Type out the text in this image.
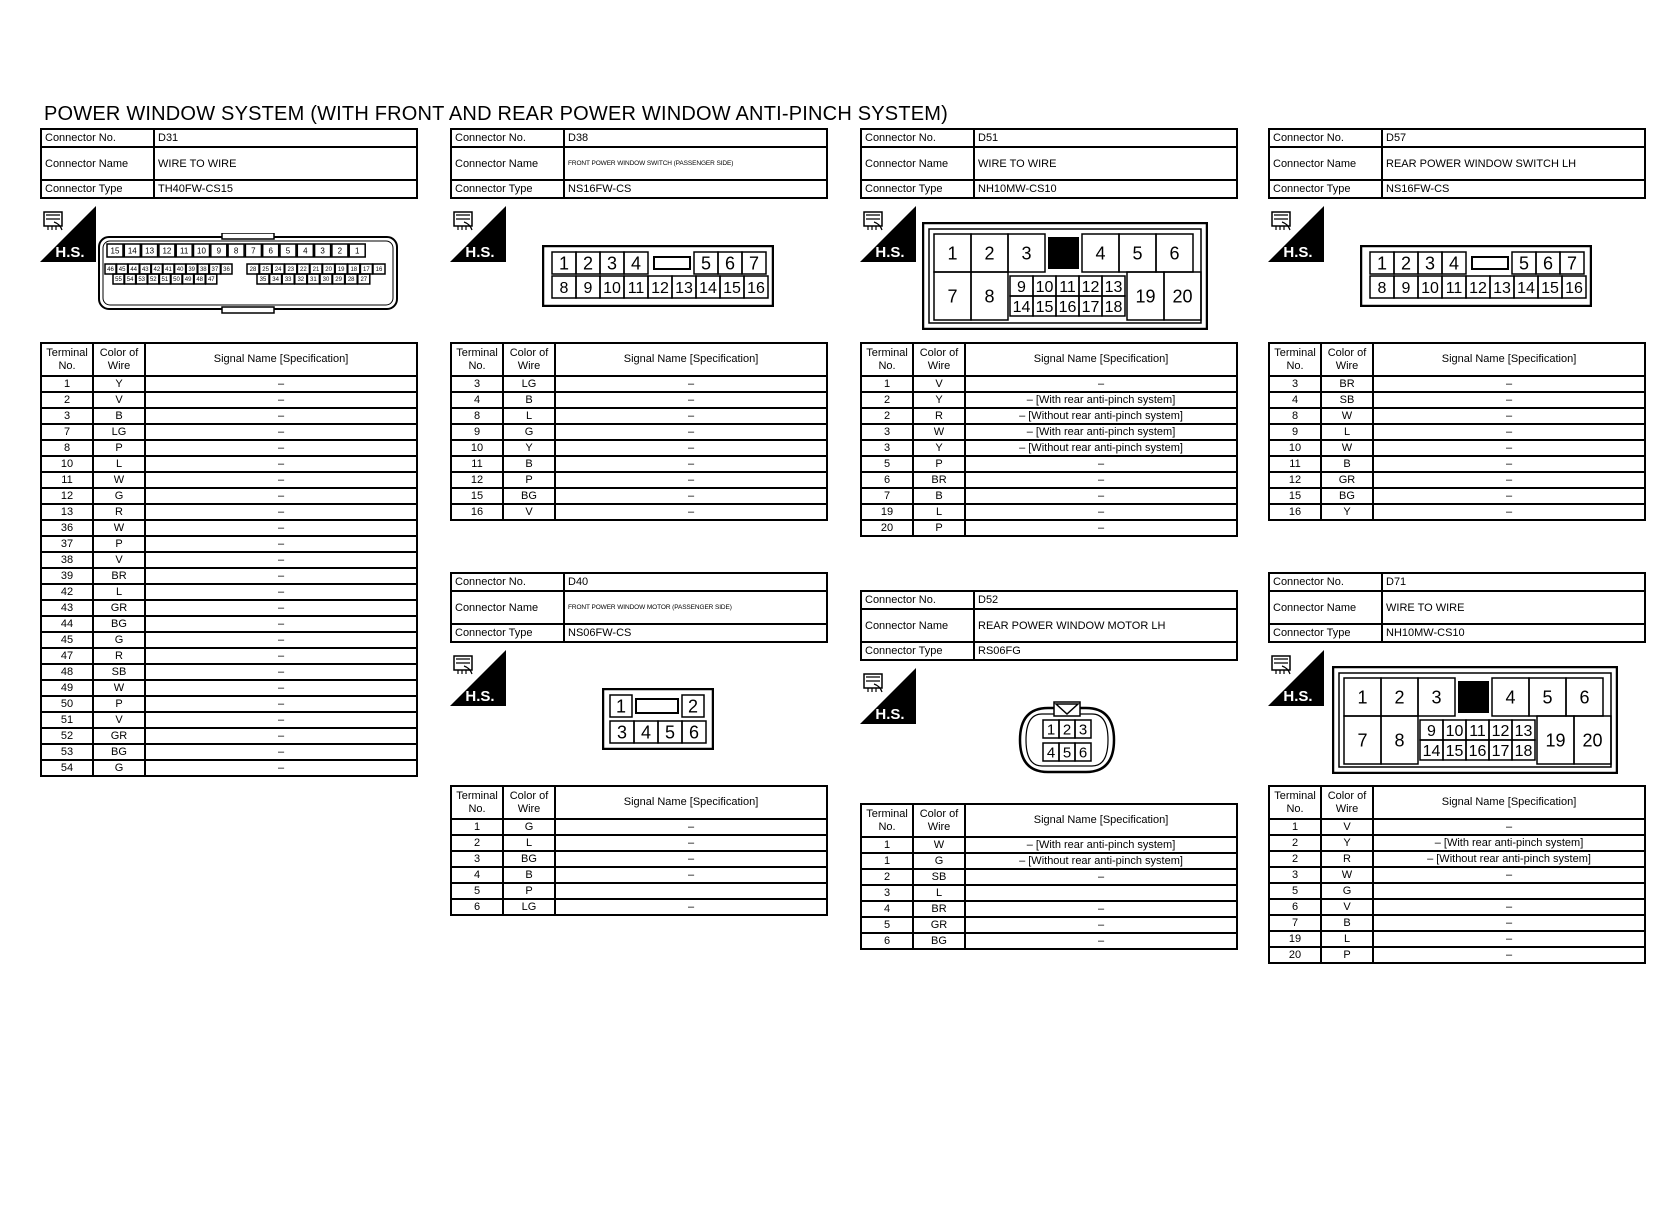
POWER WINDOW SYSTEM (WITH FRONT AND REAR POWER WINDOW ANTI-PINCH SYSTEM)
Connector No.	D31
Connector Name	WIRE TO WIRE
Connector Type	TH40FW-CS15
H.S.	15 14 13 12 11 10 9 8 7 6 5 4 3 2 1
46 45 44 43 42 41 40 39 38 37 36	28 25 24 23 22 21 20 19 18 17 16
55 54 53 52 51 50 49 48 47	35 34 33 32 31 30 29 28 27
Terminal No.	Color of Wire	Signal Name [Specification]
1	Y	–
2	V	–
3	B	–
7	LG	–
8	P	–
10	L	–
11	W	–
12	G	–
13	R	–
36	W	–
37	P	–
38	V	–
39	BR	–
42	L	–
43	GR	–
44	BG	–
45	G	–
47	R	–
48	SB	–
49	W	–
50	P	–
51	V	–
52	GR	–
53	BG	–
54	G	–
Connector No.	D38
Connector Name	FRONT POWER WINDOW SWITCH (PASSENGER SIDE)
Connector Type	NS16FW-CS
H.S.
1 2 3 4	5 6 7
8 9 10 11 12 13 14 15 16
Terminal No.	Color of Wire	Signal Name [Specification]
3	LG	–
4	B	–
8	L	–
9	G	–
10	Y	–
11	B	–
12	P	–
15	BG	–
16	V	–
Connector No.	D51
Connector Name	WIRE TO WIRE
Connector Type	NH10MW-CS10
H.S. 1 2 3	4 5 6
7 8 9 10 11 12 13
14 15 16 17 18
19 20
Terminal No.	Color of Wire	Signal Name [Specification]
1	V	–
2	Y	– [With rear anti-pinch system]
2	R	– [Without rear anti-pinch system]
3	W	– [With rear anti-pinch system]
3	Y	– [Without rear anti-pinch system]
5	P	–
6	BR	–
7	B	–
19	L	–
20	P	–
Connector No.	D57
Connector Name	REAR POWER WINDOW SWITCH LH
Connector Type	NS16FW-CS
H.S.
1 2 3 4	5 6 7
8 9 10 11 12 13 14 15 16
Terminal No.	Color of Wire	Signal Name [Specification]
3	BR	–
4	SB	–
8	W	–
9	L	–
10	W	–
11	B	–
12	GR	–
15	BG	–
16	Y	–
Connector No.	D40
Connector Name	FRONT POWER WINDOW MOTOR (PASSENGER SIDE)
Connector Type	NS06FW-CS
H.S.	1	2
3 4 5 6
Terminal No.	Color of Wire	Signal Name [Specification]
1	G	–
2	L	–
3	BG	–
4	B	–
5	P	
6	LG	–
Connector No.	D52
Connector Name	REAR POWER WINDOW MOTOR LH
Connector Type	RS06FG
H.S.
1 2 3
4 5 6
Terminal No.	Color of Wire	Signal Name [Specification]
1	W	– [With rear anti-pinch system]
1	G	– [Without rear anti-pinch system]
2	SB	–
3	L	
4	BR	–
5	GR	–
6	BG	–
Connector No.	D71
Connector Name	WIRE TO WIRE
Connector Type	NH10MW-CS10
H.S. 1 2 3	4 5 6
7 8 9 10 11 12 13
14 15 16 17 18
19 20
Terminal No.	Color of Wire	Signal Name [Specification]
1	V	–
2	Y	– [With rear anti-pinch system]
2	R	– [Without rear anti-pinch system]
3	W	–
5	G	
6	V	–
7	B	–
19	L	–
20	P	–
